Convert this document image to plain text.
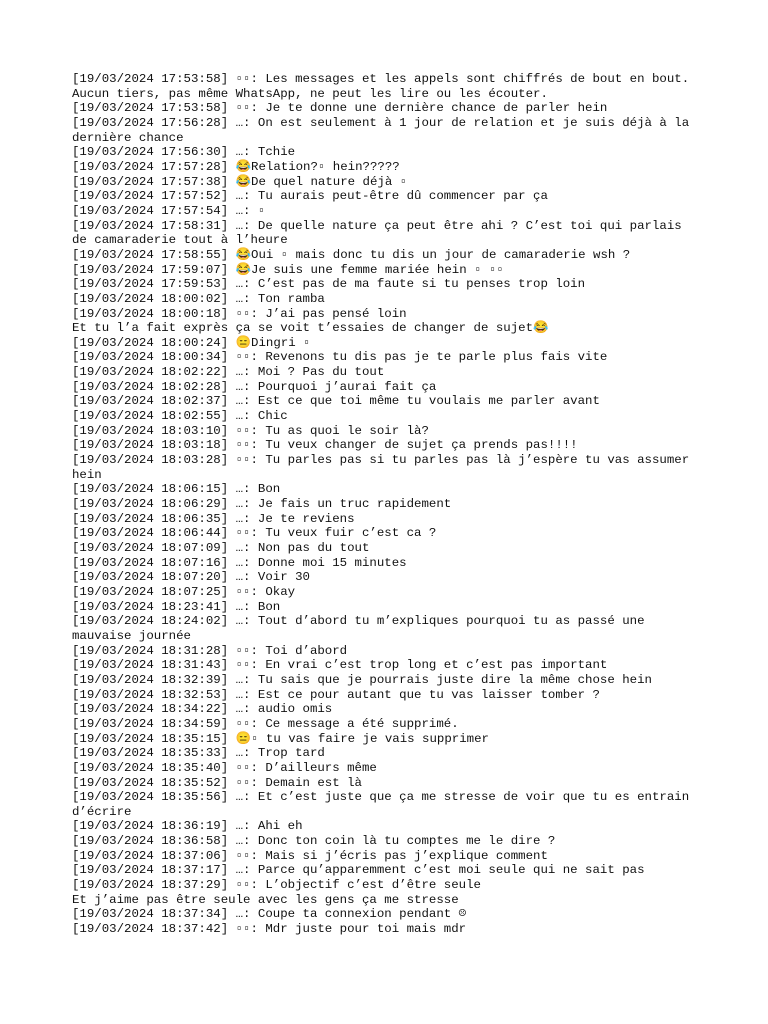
[19/03/2024 17:53:58] ▫▫: Les messages et les appels sont chiffrés de bout en bout.
Aucun tiers, pas même WhatsApp, ne peut les lire ou les écouter.
[19/03/2024 17:53:58] ▫▫: Je te donne une dernière chance de parler hein
[19/03/2024 17:56:28] …: On est seulement à 1 jour de relation et je suis déjà à la
dernière chance
[19/03/2024 17:56:30] …: Tchie
[19/03/2024 17:57:28] 😂Relation?▫ hein?????
[19/03/2024 17:57:38] 😂De quel nature déjà ▫
[19/03/2024 17:57:52] …: Tu aurais peut-être dû commencer par ça
[19/03/2024 17:57:54] …: ▫
[19/03/2024 17:58:31] …: De quelle nature ça peut être ahi ? C’est toi qui parlais
de camaraderie tout à l’heure
[19/03/2024 17:58:55] 😂Oui ▫ mais donc tu dis un jour de camaraderie wsh ?
[19/03/2024 17:59:07] 😂Je suis une femme mariée hein ▫ ▫▫
[19/03/2024 17:59:53] …: C’est pas de ma faute si tu penses trop loin
[19/03/2024 18:00:02] …: Ton ramba
[19/03/2024 18:00:18] ▫▫: J’ai pas pensé loin
Et tu l’a fait exprès ça se voit t’essaies de changer de sujet😂
[19/03/2024 18:00:24] 😑Dingri ▫
[19/03/2024 18:00:34] ▫▫: Revenons tu dis pas je te parle plus fais vite
[19/03/2024 18:02:22] …: Moi ? Pas du tout
[19/03/2024 18:02:28] …: Pourquoi j’aurai fait ça
[19/03/2024 18:02:37] …: Est ce que toi même tu voulais me parler avant
[19/03/2024 18:02:55] …: Chic
[19/03/2024 18:03:10] ▫▫: Tu as quoi le soir là?
[19/03/2024 18:03:18] ▫▫: Tu veux changer de sujet ça prends pas!!!!
[19/03/2024 18:03:28] ▫▫: Tu parles pas si tu parles pas là j’espère tu vas assumer
hein
[19/03/2024 18:06:15] …: Bon
[19/03/2024 18:06:29] …: Je fais un truc rapidement
[19/03/2024 18:06:35] …: Je te reviens
[19/03/2024 18:06:44] ▫▫: Tu veux fuir c’est ca ?
[19/03/2024 18:07:09] …: Non pas du tout
[19/03/2024 18:07:16] …: Donne moi 15 minutes
[19/03/2024 18:07:20] …: Voir 30
[19/03/2024 18:07:25] ▫▫: Okay
[19/03/2024 18:23:41] …: Bon
[19/03/2024 18:24:02] …: Tout d’abord tu m’expliques pourquoi tu as passé une
mauvaise journée
[19/03/2024 18:31:28] ▫▫: Toi d’abord
[19/03/2024 18:31:43] ▫▫: En vrai c’est trop long et c’est pas important
[19/03/2024 18:32:39] …: Tu sais que je pourrais juste dire la même chose hein
[19/03/2024 18:32:53] …: Est ce pour autant que tu vas laisser tomber ?
[19/03/2024 18:34:22] …: audio omis
[19/03/2024 18:34:59] ▫▫: Ce message a été supprimé.
[19/03/2024 18:35:15] 😑▫ tu vas faire je vais supprimer
[19/03/2024 18:35:33] …: Trop tard
[19/03/2024 18:35:40] ▫▫: D’ailleurs même
[19/03/2024 18:35:52] ▫▫: Demain est là
[19/03/2024 18:35:56] …: Et c’est juste que ça me stresse de voir que tu es entrain
d’écrire
[19/03/2024 18:36:19] …: Ahi eh
[19/03/2024 18:36:58] …: Donc ton coin là tu comptes me le dire ?
[19/03/2024 18:37:06] ▫▫: Mais si j’écris pas j’explique comment
[19/03/2024 18:37:17] …: Parce qu’apparemment c’est moi seule qui ne sait pas
[19/03/2024 18:37:29] ▫▫: L’objectif c’est d’être seule
Et j’aime pas être seule avec les gens ça me stresse
[19/03/2024 18:37:34] …: Coupe ta connexion pendant ☹
[19/03/2024 18:37:42] ▫▫: Mdr juste pour toi mais mdr
